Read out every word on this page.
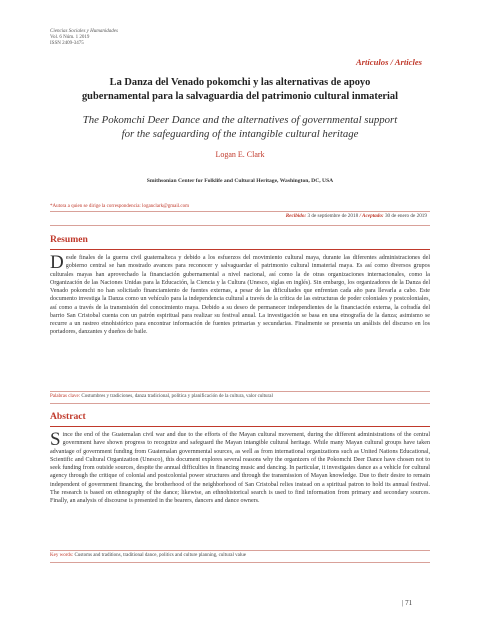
Ciencias Sociales y Humanidades
Vol. 6 Núm. 1 2019
ISSN 2409-3475
Artículos / Articles
La Danza del Venado pokomchi y las alternativas de apoyo
gubernamental para la salvaguardia del patrimonio cultural inmaterial
The Pokomchi Deer Dance and the alternatives of governmental support
for the safeguarding of the intangible cultural heritage
Logan E. Clark
Smithsonian Center for Folklife and Cultural Heritage, Washington, DC, USA
*Autora a quien se dirige la correspondencia: loganclark@gmail.com
Recibido: 3 de septiembre de 2018 / Aceptado: 30 de enero de 2019
Resumen
Desde finales de la guerra civil guatemalteca y debido a los esfuerzos del movimiento cultural maya, durante las diferentes administraciones del gobierno central se han mostrado avances para reconocer y salvaguardar el patrimonio cultural inmaterial maya. Es así como diversos grupos culturales mayas han aprovechado la financiación gubernamental a nivel nacional, así como la de otras organizaciones internacionales, como la Organización de las Naciones Unidas para la Educación, la Ciencia y la Cultura (Unesco, siglas en inglés). Sin embargo, los organizadores de la Danza del Venado pokomchi no han solicitado financiamiento de fuentes externas, a pesar de las dificultades que enfrentan cada año para llevarla a cabo. Este documento investiga la Danza como un vehículo para la independencia cultural a través de la crítica de las estructuras de poder coloniales y postcoloniales, así como a través de la transmisión del conocimiento maya. Debido a su deseo de permanecer independientes de la financiación externa, la cofradía del barrio San Cristobal cuenta con un patrón espiritual para realizar su festival anual. La investigación se basa en una etnografía de la danza; asimismo se recurre a un rastreo etnohistórico para encontrar información de fuentes primarias y secundarias. Finalmente se presenta un análisis del discurso en los portadores, danzantes y dueños de baile.
Palabras clave: Costumbres y tradiciones, danza tradicional, política y planificación de la cultura, valor cultural
Abstract
Since the end of the Guatemalan civil war and due to the efforts of the Mayan cultural movement, during the different administrations of the central government have shown progress to recognize and safeguard the Mayan intangible cultural heritage. While many Mayan cultural groups have taken advantage of government funding from Guatemalan governmental sources, as well as from international organizations such as United Nations Educational, Scientific and Cultural Organization (Unesco), this document explores several reasons why the organizers of the Pokomchi Deer Dance have chosen not to seek funding from outside sources, despite the annual difficulties in financing music and dancing. In particular, it investigates dance as a vehicle for cultural agency through the critique of colonial and postcolonial power structures and through the transmission of Mayan knowledge. Due to their desire to remain independent of government financing, the brotherhood of the neighborhood of San Cristobal relies instead on a spiritual patron to hold its annual festival. The research is based on ethnography of the dance; likewise, an ethnohistorical search is used to find information from primary and secondary sources. Finally, an analysis of discourse is presented in the bearers, dancers and dance owners.
Key words: Customs and traditions, traditional dance, politics and culture planning, cultural value
| 71
